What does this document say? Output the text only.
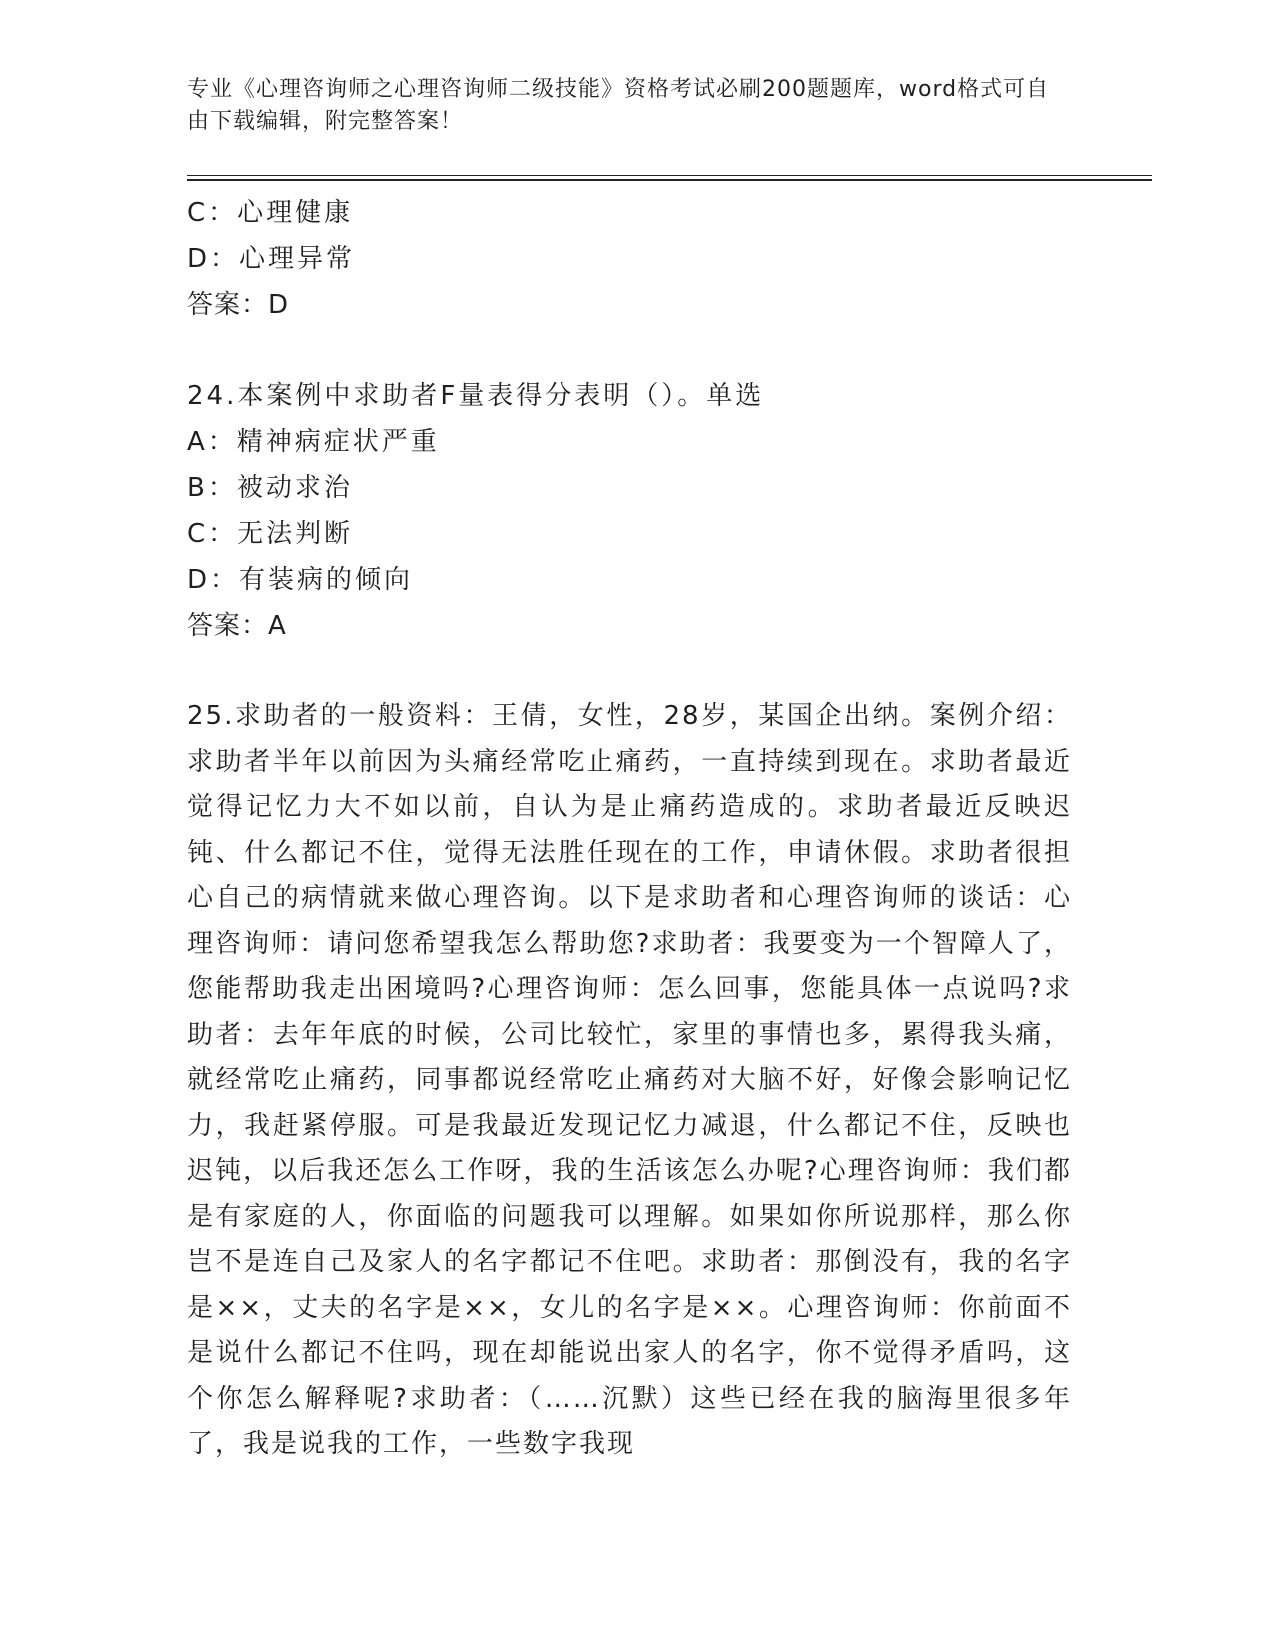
专业《心理咨询师之心理咨询师二级技能》资格考试必刷200题题库，word格式可自由下载编辑，附完整答案！
C：心理健康
D：心理异常
答案：D
24.本案例中求助者F量表得分表明（）。单选
A：精神病症状严重
B：被动求治
C：无法判断
D：有装病的倾向
答案：A
25.求助者的一般资料：王倩，女性，28岁，某国企出纳。案例介绍：求助者半年以前因为头痛经常吃止痛药，一直持续到现在。求助者最近觉得记忆力大不如以前，自认为是止痛药造成的。求助者最近反映迟钝、什么都记不住，觉得无法胜任现在的工作，申请休假。求助者很担心自己的病情就来做心理咨询。以下是求助者和心理咨询师的谈话：心理咨询师：请问您希望我怎么帮助您?求助者：我要变为一个智障人了，您能帮助我走出困境吗?心理咨询师：怎么回事，您能具体一点说吗?求助者：去年年底的时候，公司比较忙，家里的事情也多，累得我头痛，就经常吃止痛药，同事都说经常吃止痛药对大脑不好，好像会影响记忆力，我赶紧停服。可是我最近发现记忆力减退，什么都记不住，反映也迟钝，以后我还怎么工作呀，我的生活该怎么办呢?心理咨询师：我们都是有家庭的人，你面临的问题我可以理解。如果如你所说那样，那么你岂不是连自己及家人的名字都记不住吧。求助者：那倒没有，我的名字是××，丈夫的名字是××，女儿的名字是××。心理咨询师：你前面不是说什么都记不住吗，现在却能说出家人的名字，你不觉得矛盾吗，这个你怎么解释呢?求助者：（……沉默）这些已经在我的脑海里很多年了，我是说我的工作，一些数字我现
